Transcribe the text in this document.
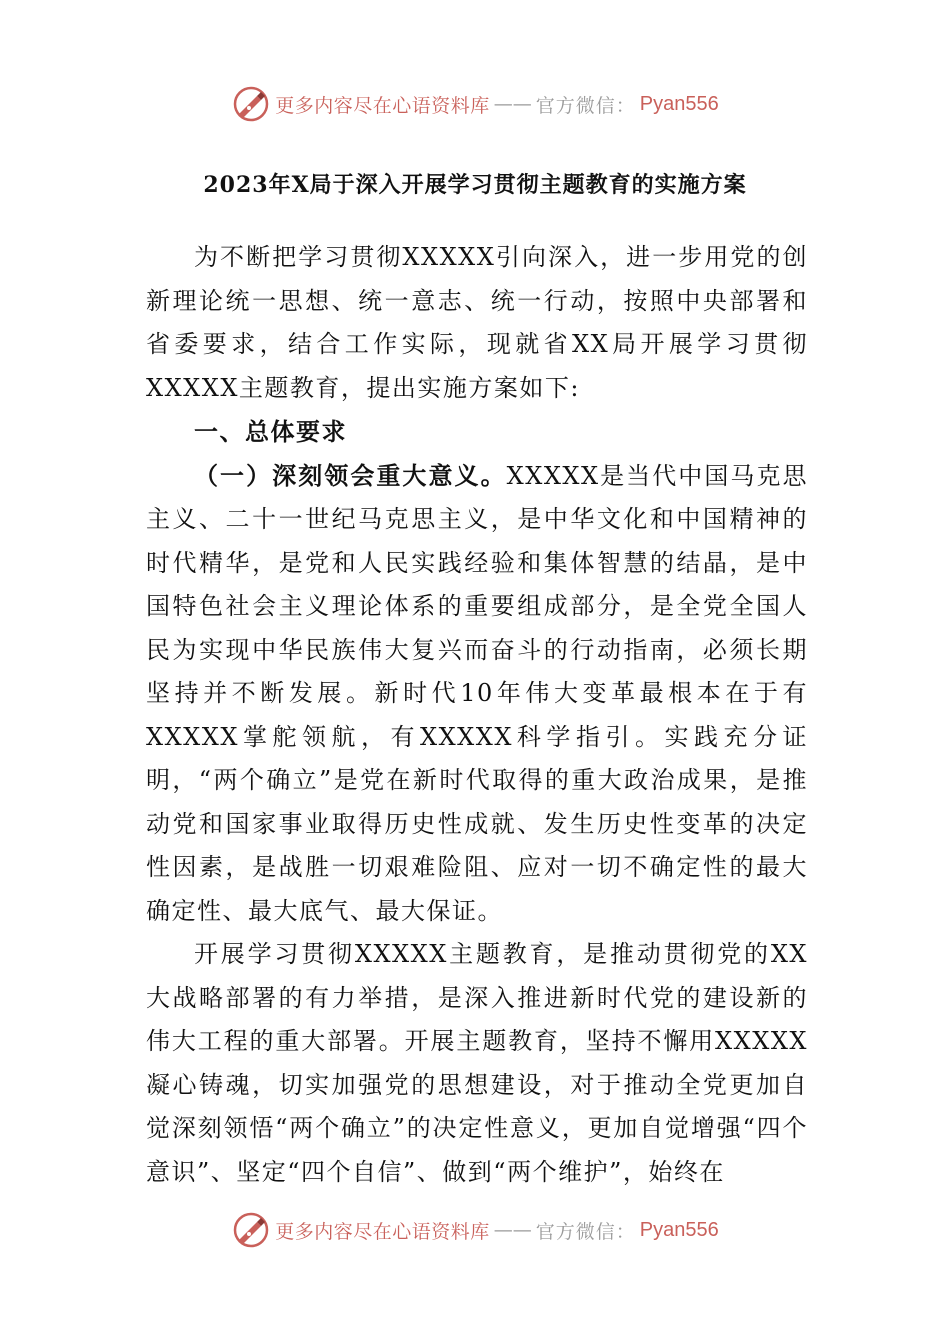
更多内容尽在心语资料库 —— 官方微信： Pyan556
2023年X局于深入开展学习贯彻主题教育的实施方案

为不断把学习贯彻XXXXX引向深入，进一步用党的创新理论统一思想、统一意志、统一行动，按照中央部署和省委要求，结合工作实际，现就省XX局开展学习贯彻XXXXX主题教育，提出实施方案如下:

一、总体要求

（一）深刻领会重大意义。XXXXX是当代中国马克思主义、二十一世纪马克思主义，是中华文化和中国精神的时代精华，是党和人民实践经验和集体智慧的结晶，是中国特色社会主义理论体系的重要组成部分，是全党全国人民为实现中华民族伟大复兴而奋斗的行动指南，必须长期坚持并不断发展。新时代10年伟大变革最根本在于有XXXXX掌舵领航，有XXXXX科学指引。实践充分证明，“两个确立”是党在新时代取得的重大政治成果，是推动党和国家事业取得历史性成就、发生历史性变革的决定性因素，是战胜一切艰难险阻、应对一切不确定性的最大确定性、最大底气、最大保证。

开展学习贯彻XXXXX主题教育，是推动贯彻党的XX大战略部署的有力举措，是深入推进新时代党的建设新的伟大工程的重大部署。开展主题教育，坚持不懈用XXXXX凝心铸魂，切实加强党的思想建设，对于推动全党更加自觉深刻领悟“两个确立”的决定性意义，更加自觉增强“四个意识”、坚定“四个自信”、做到“两个维护”，始终在

更多内容尽在心语资料库 —— 官方微信： Pyan556
